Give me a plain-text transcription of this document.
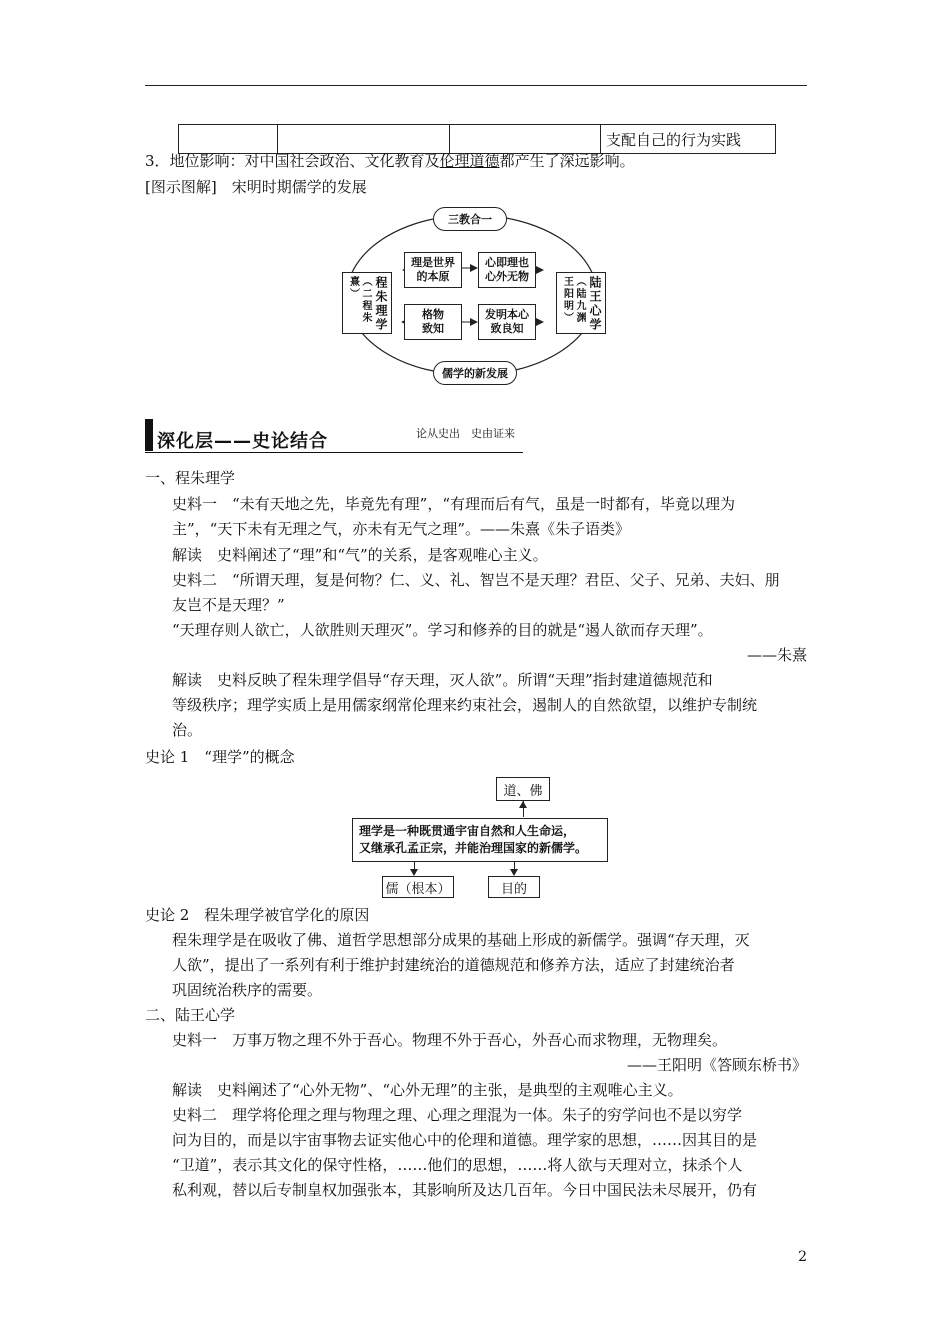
支配自己的行为实践
3．地位影响：对中国社会政治、文化教育及伦理道德都产生了深远影响。
[图示图解]　宋明时期儒学的发展
三教合一
儒学的新发展
程朱理学
（二程朱熹）	陆王心学
（陆九渊王阳明）
理是世界
的本原
心即理也
心外无物
格物
致知
发明本心
致良知
深化层——史论结合	论从史出　史由证来
一、程朱理学
史料一　“未有天地之先，毕竟先有理”，“有理而后有气，虽是一时都有，毕竟以理为
主”，“天下未有无理之气，亦未有无气之理”。——朱熹《朱子语类》
解读　史料阐述了“理”和“气”的关系，是客观唯心主义。
史料二　“所谓天理，复是何物？仁、义、礼、智岂不是天理？君臣、父子、兄弟、夫妇、朋
友岂不是天理？”
“天理存则人欲亡，人欲胜则天理灭”。学习和修养的目的就是“遏人欲而存天理”。
——朱熹
解读　史料反映了程朱理学倡导“存天理，灭人欲”。所谓“天理”指封建道德规范和
等级秩序；理学实质上是用儒家纲常伦理来约束社会，遏制人的自然欲望，以维护专制统
治。
史论 1　“理学”的概念
道、佛
理学是一种既贯通宇宙自然和人生命运，
又继承孔孟正宗，并能治理国家的新儒学。
儒（根本）	目的
史论 2　程朱理学被官学化的原因
程朱理学是在吸收了佛、道哲学思想部分成果的基础上形成的新儒学。强调“存天理，灭
人欲”，提出了一系列有利于维护封建统治的道德规范和修养方法，适应了封建统治者
巩固统治秩序的需要。
二、陆王心学
史料一　万事万物之理不外于吾心。物理不外于吾心，外吾心而求物理，无物理矣。
——王阳明《答顾东桥书》
解读　史料阐述了“心外无物”、“心外无理”的主张，是典型的主观唯心主义。
史料二　理学将伦理之理与物理之理、心理之理混为一体。朱子的穷学问也不是以穷学
问为目的，而是以宇宙事物去证实他心中的伦理和道德。理学家的思想，……因其目的是
“卫道”，表示其文化的保守性格，……他们的思想，……将人欲与天理对立，抹杀个人
私利观，替以后专制皇权加强张本，其影响所及达几百年。今日中国民法未尽展开，仍有
2
